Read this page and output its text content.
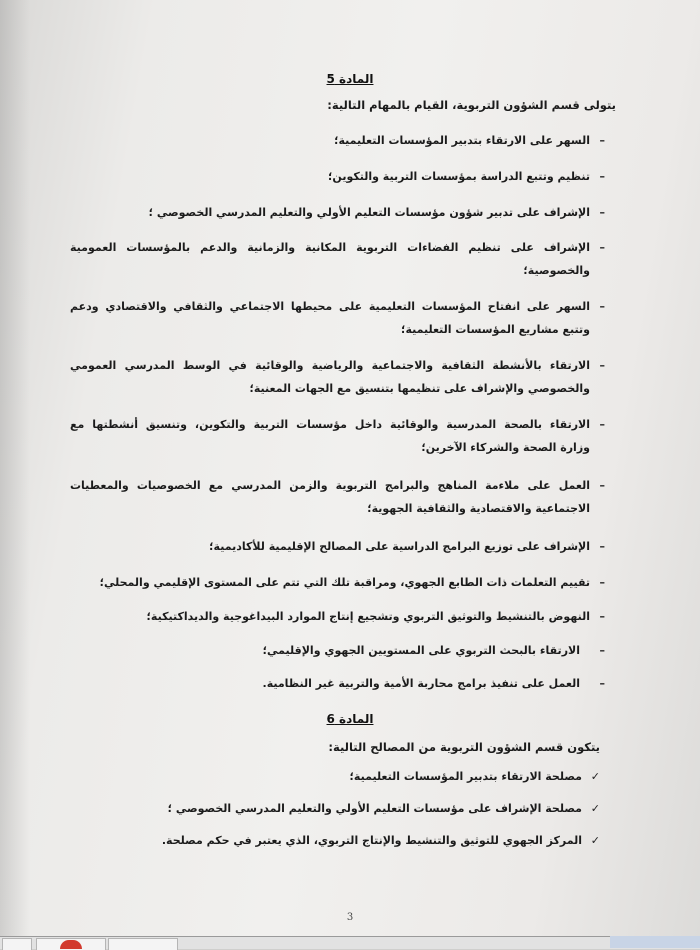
المادة 5
يتولى قسم الشؤون التربوية، القيام بالمهام التالية:
–
السهر على الارتقاء بتدبير المؤسسات التعليمية؛
–
تنظيم وتتبع الدراسة بمؤسسات التربية والتكوين؛
–
الإشراف على تدبير شؤون مؤسسات التعليم الأولي والتعليم المدرسي الخصوصي ؛
–
الإشراف على تنظيم الفضاءات التربوية المكانية والزمانية والدعم بالمؤسسات العمومية
والخصوصية؛
–
السهر على انفتاح المؤسسات التعليمية على محيطها الاجتماعي والثقافي والاقتصادي ودعم
وتتبع مشاريع المؤسسات التعليمية؛
–
الارتقاء بالأنشطة الثقافية والاجتماعية والرياضية والوقائية في الوسط المدرسي العمومي
والخصوصي والإشراف على تنظيمها بتنسيق مع الجهات المعنية؛
–
الارتقاء بالصحة المدرسية والوقائية داخل مؤسسات التربية والتكوين، وتنسيق أنشطتها مع
وزارة الصحة والشركاء الآخرين؛
–
العمل على ملاءمة المناهج والبرامج التربوية والزمن المدرسي مع الخصوصيات والمعطيات
الاجتماعية والاقتصادية والثقافية الجهوية؛
–
الإشراف على توزيع البرامج الدراسية على المصالح الإقليمية للأكاديمية؛
–
تقييم التعلمات ذات الطابع الجهوي، ومراقبة تلك التي تتم على المستوى الإقليمي والمحلي؛
–
النهوض بالتنشيط والتوثيق التربوي وتشجيع إنتاج الموارد البيداغوجية والديداكتيكية؛
–
الارتقاء بالبحث التربوي على المستويين الجهوي والإقليمي؛
–
العمل على تنفيذ برامج محاربة الأمية والتربية غير النظامية.
المادة 6
يتكون قسم الشؤون التربوية من المصالح التالية:
✓
مصلحة الارتقاء بتدبير المؤسسات التعليمية؛
✓
مصلحة الإشراف على مؤسسات التعليم الأولي والتعليم المدرسي الخصوصي ؛
✓
المركز الجهوي للتوثيق والتنشيط والإنتاج التربوي، الذي يعتبر في حكم مصلحة.
3
